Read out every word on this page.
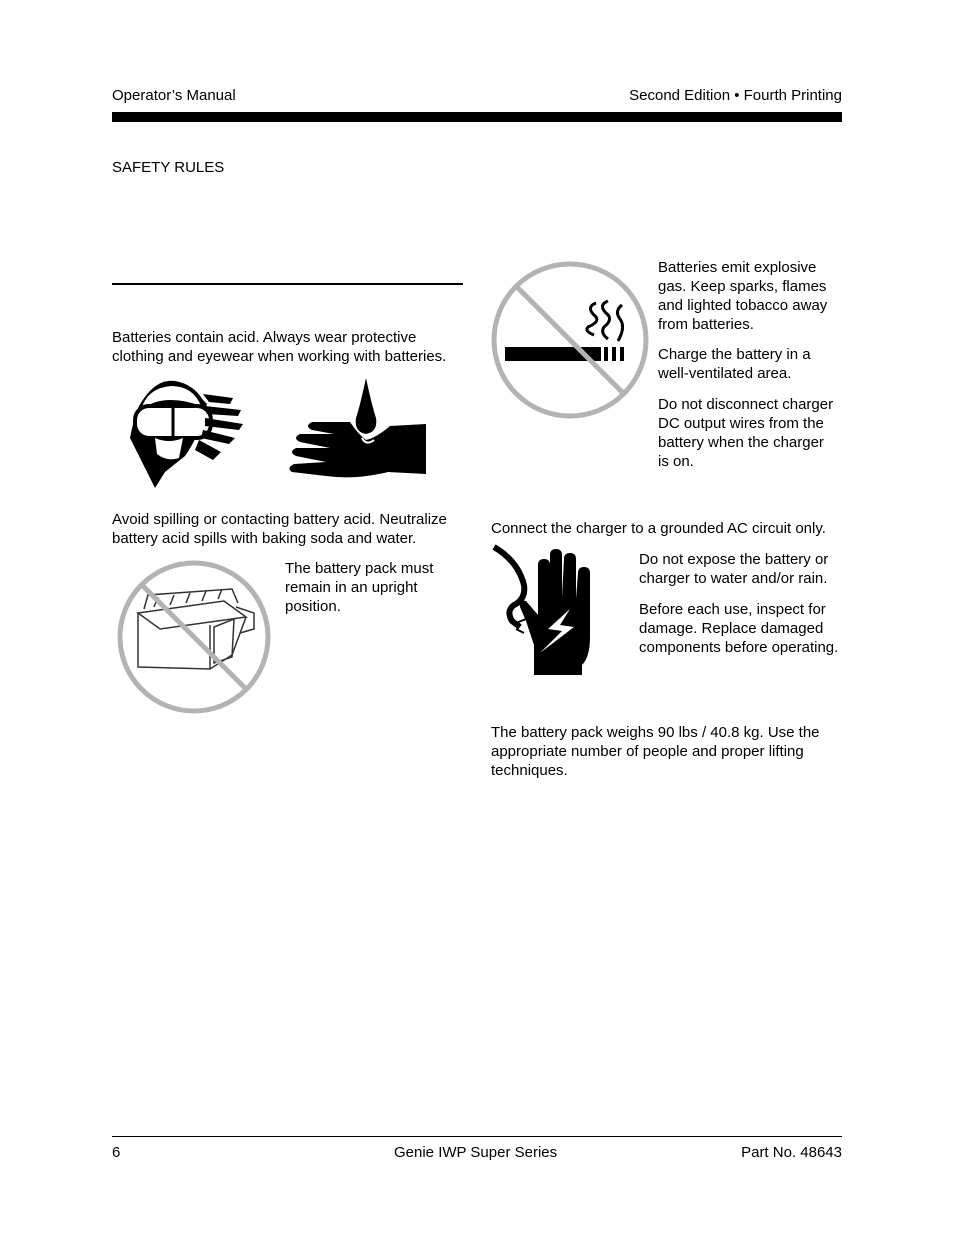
Operator’s Manual	Second Edition • Fourth Printing
SAFETY RULES

Batteries contain acid. Always wear protective clothing and eyewear when working with batteries.

Avoid spilling or contacting battery acid. Neutralize battery acid spills with baking soda and water.

The battery pack must remain in an upright position.

Batteries emit explosive gas. Keep sparks, flames and lighted tobacco away from batteries.

Charge the battery in a well-ventilated area.

Do not disconnect charger DC output wires from the battery when the charger is on.

Connect the charger to a grounded AC circuit only.

Do not expose the battery or charger to water and/or rain.

Before each use, inspect for damage. Replace damaged components before operating.

The battery pack weighs 90 lbs / 40.8 kg. Use the appropriate number of people and proper lifting techniques.

6	Genie IWP Super Series	Part No. 48643
